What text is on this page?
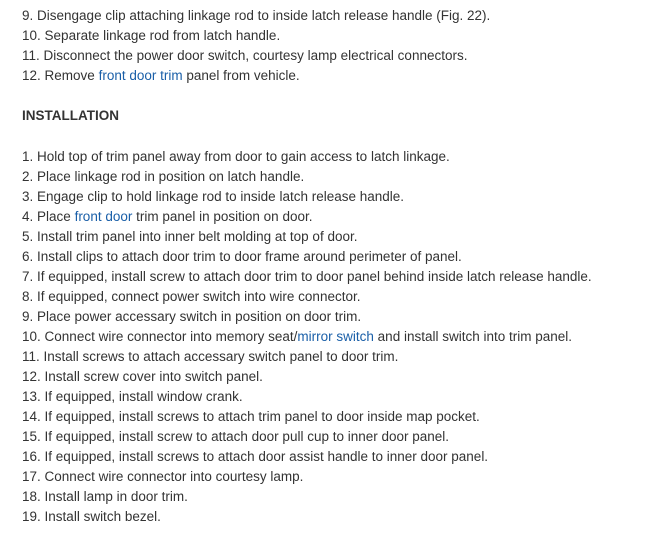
9. Disengage clip attaching linkage rod to inside latch release handle (Fig. 22).
10. Separate linkage rod from latch handle.
11. Disconnect the power door switch, courtesy lamp electrical connectors.
12. Remove front door trim panel from vehicle.
INSTALLATION
1. Hold top of trim panel away from door to gain access to latch linkage.
2. Place linkage rod in position on latch handle.
3. Engage clip to hold linkage rod to inside latch release handle.
4. Place front door trim panel in position on door.
5. Install trim panel into inner belt molding at top of door.
6. Install clips to attach door trim to door frame around perimeter of panel.
7. If equipped, install screw to attach door trim to door panel behind inside latch release handle.
8. If equipped, connect power switch into wire connector.
9. Place power accessary switch in position on door trim.
10. Connect wire connector into memory seat/mirror switch and install switch into trim panel.
11. Install screws to attach accessary switch panel to door trim.
12. Install screw cover into switch panel.
13. If equipped, install window crank.
14. If equipped, install screws to attach trim panel to door inside map pocket.
15. If equipped, install screw to attach door pull cup to inner door panel.
16. If equipped, install screws to attach door assist handle to inner door panel.
17. Connect wire connector into courtesy lamp.
18. Install lamp in door trim.
19. Install switch bezel.
